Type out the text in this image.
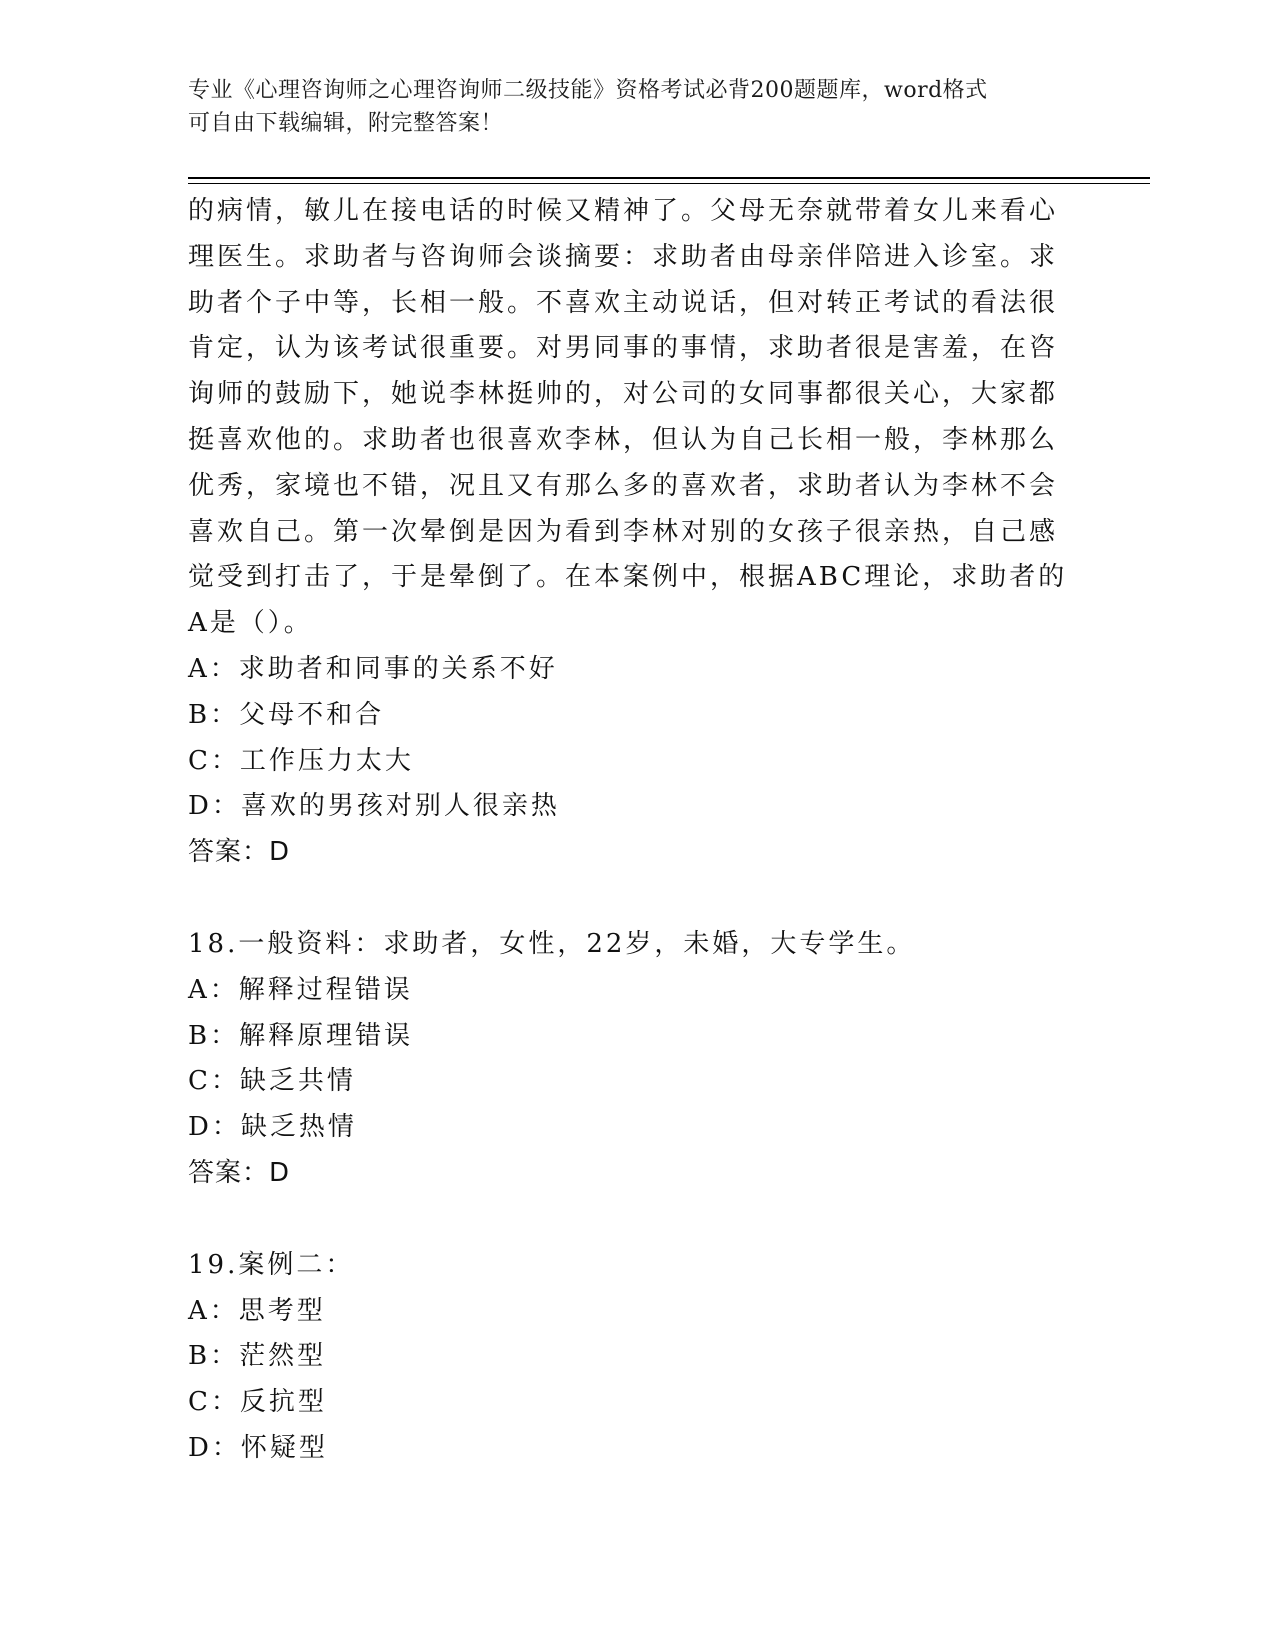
专业《心理咨询师之心理咨询师二级技能》资格考试必背200题题库，word格式
可自由下载编辑，附完整答案！

的病情，敏儿在接电话的时候又精神了。父母无奈就带着女儿来看心

理医生。求助者与咨询师会谈摘要：求助者由母亲伴陪进入诊室。求

助者个子中等，长相一般。不喜欢主动说话，但对转正考试的看法很

肯定，认为该考试很重要。对男同事的事情，求助者很是害羞，在咨

询师的鼓励下，她说李林挺帅的，对公司的女同事都很关心，大家都

挺喜欢他的。求助者也很喜欢李林，但认为自己长相一般，李林那么

优秀，家境也不错，况且又有那么多的喜欢者，求助者认为李林不会

喜欢自己。第一次晕倒是因为看到李林对别的女孩子很亲热，自己感

觉受到打击了，于是晕倒了。在本案例中，根据ABC理论，求助者的

A是（）。

A：求助者和同事的关系不好

B：父母不和合

C：工作压力太大

D：喜欢的男孩对别人很亲热

答案：D

18.一般资料：求助者，女性，22岁，未婚，大专学生。

A：解释过程错误

B：解释原理错误

C：缺乏共情

D：缺乏热情

答案：D

19.案例二：

A：思考型

B：茫然型

C：反抗型

D：怀疑型
